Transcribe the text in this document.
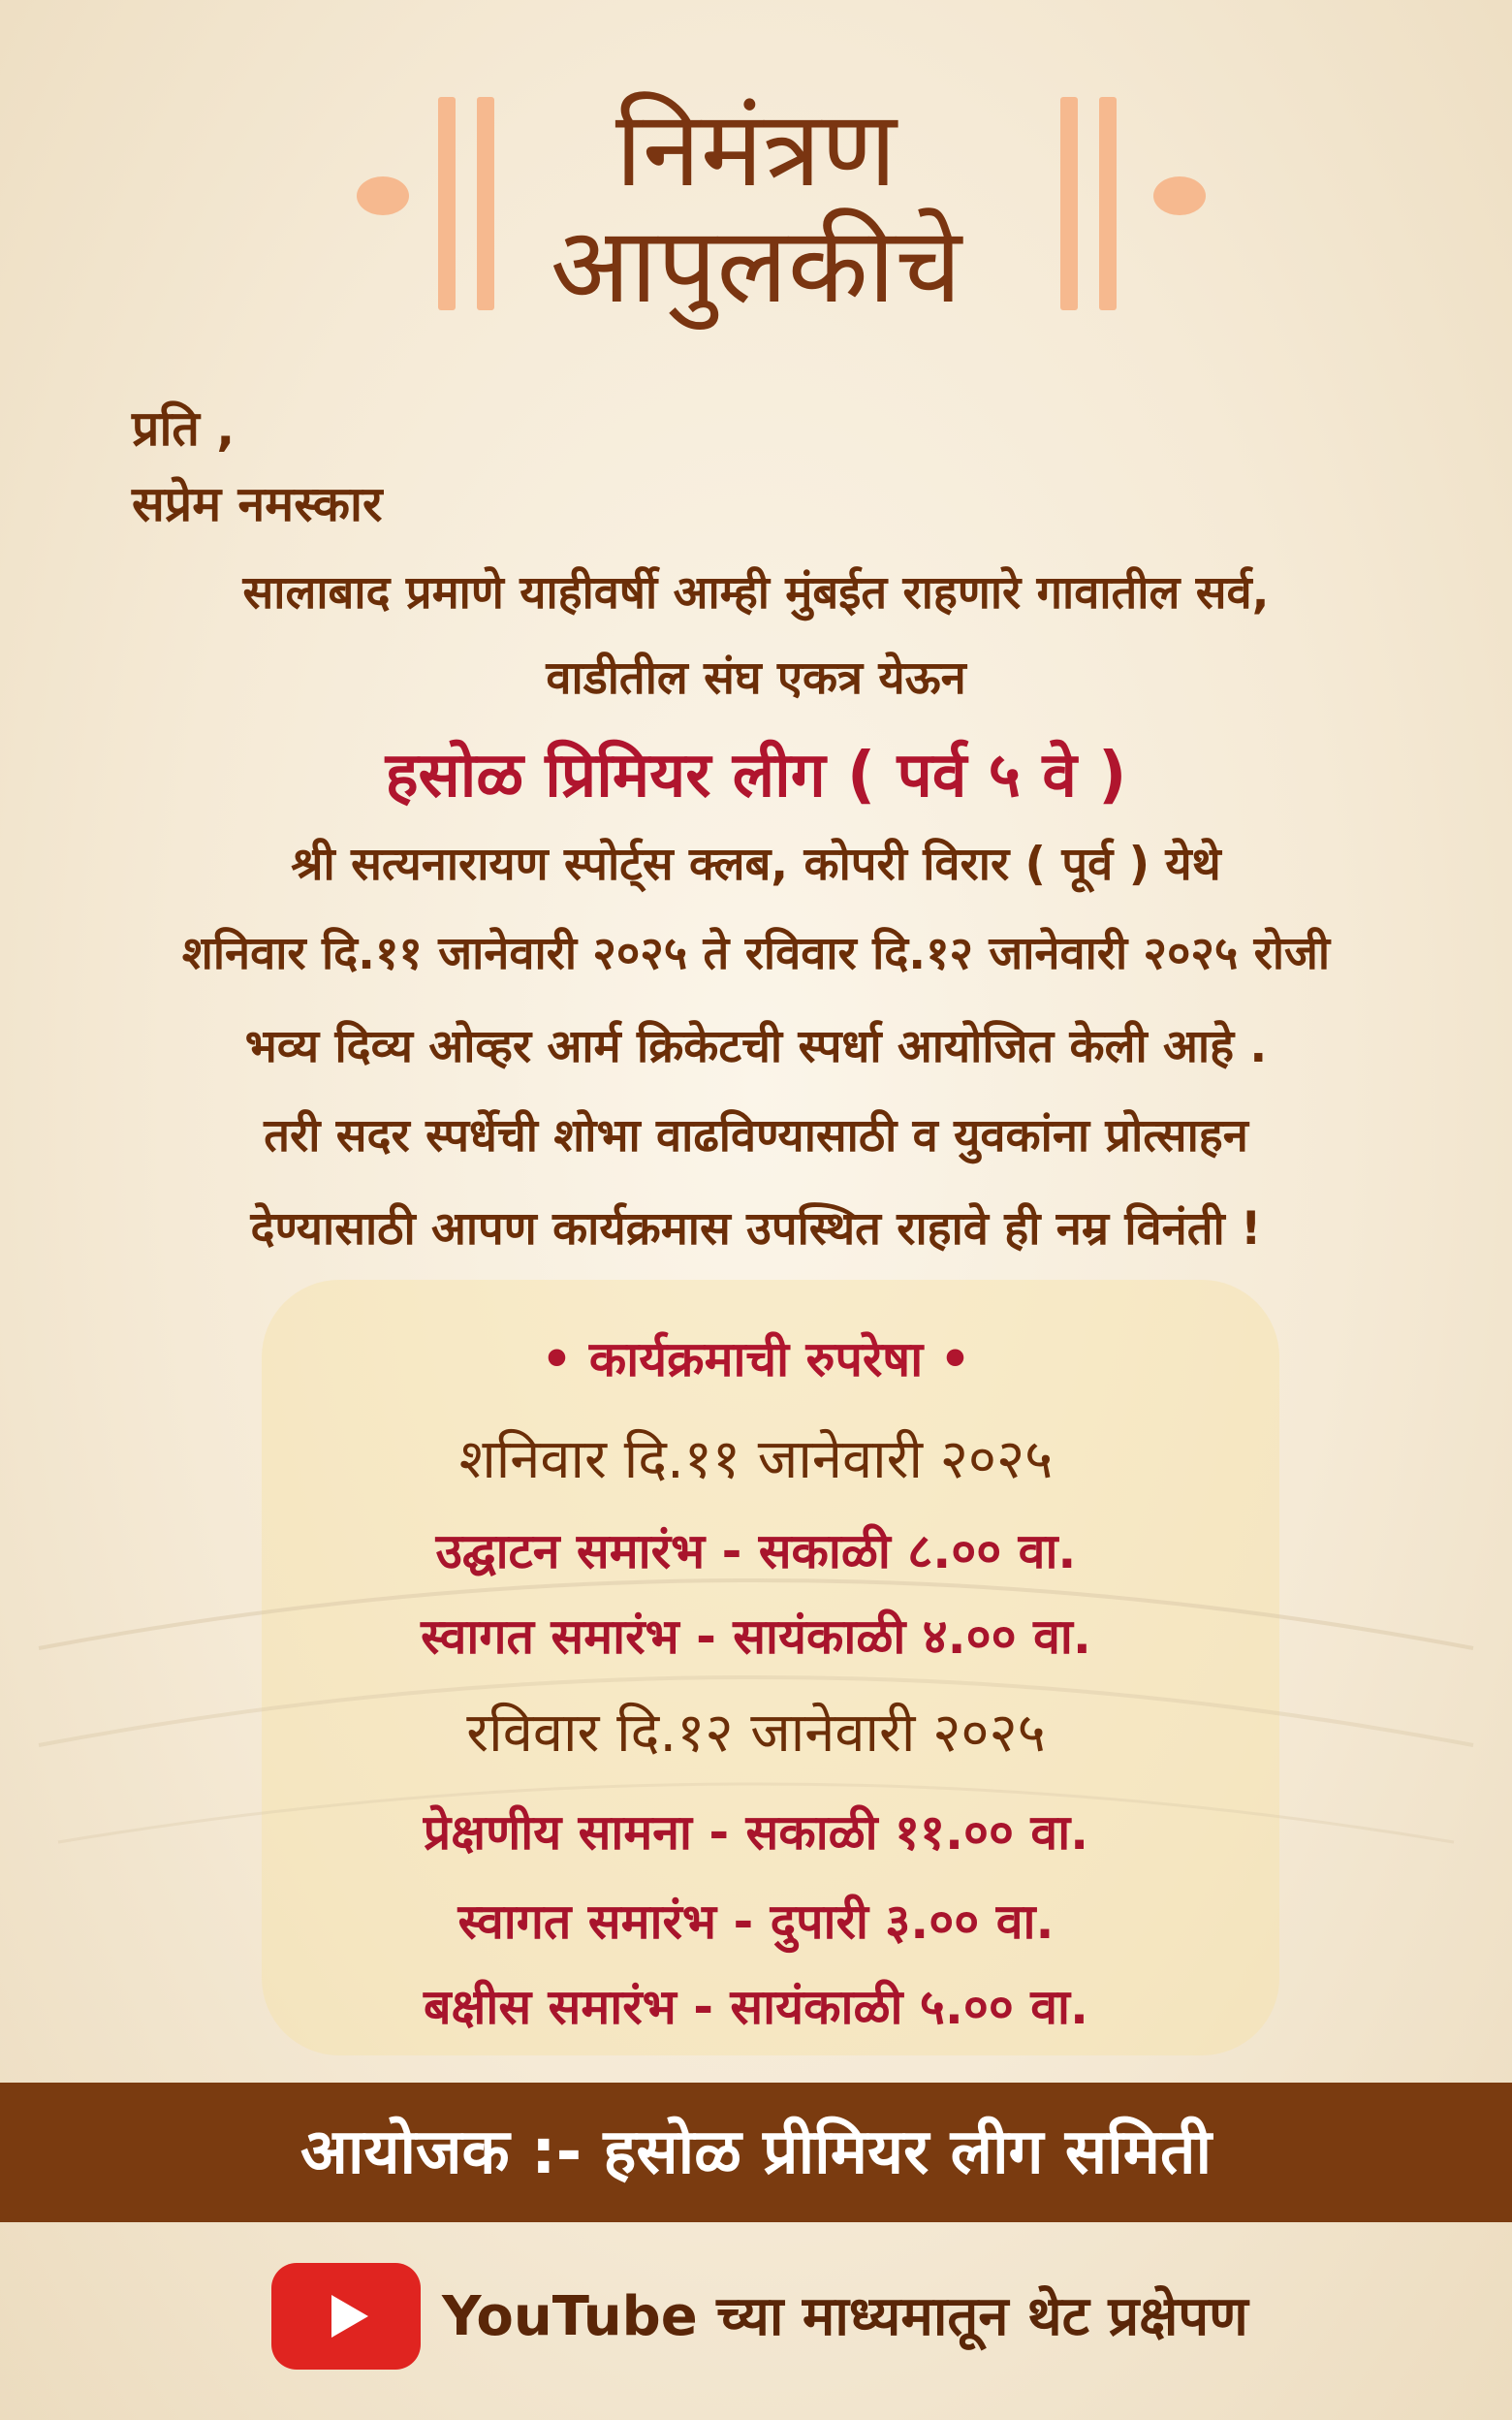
निमंत्रण
आपुलकीचे
प्रति ,
सप्रेम नमस्कार
सालाबाद प्रमाणे याहीवर्षी आम्ही मुंबईत राहणारे गावातील सर्व,
वाडीतील संघ एकत्र येऊन
हसोळ प्रिमियर लीग ( पर्व ५ वे )
श्री सत्यनारायण स्पोर्ट्स क्लब, कोपरी विरार ( पूर्व ) येथे
शनिवार दि.११ जानेवारी २०२५ ते रविवार दि.१२ जानेवारी २०२५ रोजी
भव्य दिव्य ओव्हर आर्म क्रिकेटची स्पर्धा आयोजित केली आहे .
तरी सदर स्पर्धेची शोभा वाढविण्यासाठी व युवकांना प्रोत्साहन
देण्यासाठी आपण कार्यक्रमास उपस्थित राहावे ही नम्र विनंती !
• कार्यक्रमाची रुपरेषा •
शनिवार दि.११ जानेवारी २०२५
उद्घाटन समारंभ - सकाळी ८.०० वा.
स्वागत समारंभ - सायंकाळी ४.०० वा.
रविवार दि.१२ जानेवारी २०२५
प्रेक्षणीय सामना - सकाळी ११.०० वा.
स्वागत समारंभ - दुपारी ३.०० वा.
बक्षीस समारंभ - सायंकाळी ५.०० वा.
आयोजक :- हसोळ प्रीमियर लीग समिती
YouTube च्या माध्यमातून थेट प्रक्षेपण
